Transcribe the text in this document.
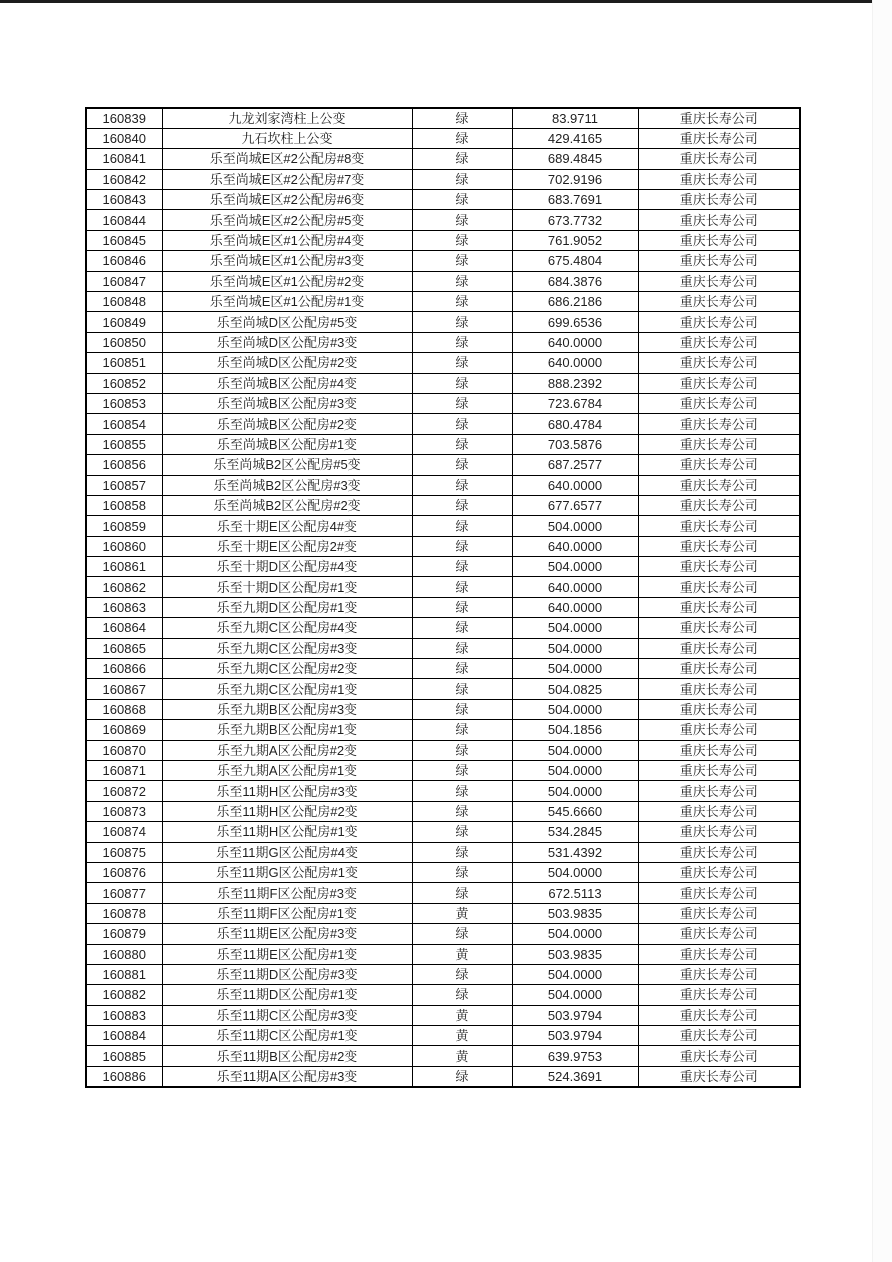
160839	九龙刘家湾柱上公变	绿	83.9711	重庆长寿公司
160840	九石坎柱上公变	绿	429.4165	重庆长寿公司
160841	乐至尚城E区#2公配房#8变	绿	689.4845	重庆长寿公司
160842	乐至尚城E区#2公配房#7变	绿	702.9196	重庆长寿公司
160843	乐至尚城E区#2公配房#6变	绿	683.7691	重庆长寿公司
160844	乐至尚城E区#2公配房#5变	绿	673.7732	重庆长寿公司
160845	乐至尚城E区#1公配房#4变	绿	761.9052	重庆长寿公司
160846	乐至尚城E区#1公配房#3变	绿	675.4804	重庆长寿公司
160847	乐至尚城E区#1公配房#2变	绿	684.3876	重庆长寿公司
160848	乐至尚城E区#1公配房#1变	绿	686.2186	重庆长寿公司
160849	乐至尚城D区公配房#5变	绿	699.6536	重庆长寿公司
160850	乐至尚城D区公配房#3变	绿	640.0000	重庆长寿公司
160851	乐至尚城D区公配房#2变	绿	640.0000	重庆长寿公司
160852	乐至尚城B区公配房#4变	绿	888.2392	重庆长寿公司
160853	乐至尚城B区公配房#3变	绿	723.6784	重庆长寿公司
160854	乐至尚城B区公配房#2变	绿	680.4784	重庆长寿公司
160855	乐至尚城B区公配房#1变	绿	703.5876	重庆长寿公司
160856	乐至尚城B2区公配房#5变	绿	687.2577	重庆长寿公司
160857	乐至尚城B2区公配房#3变	绿	640.0000	重庆长寿公司
160858	乐至尚城B2区公配房#2变	绿	677.6577	重庆长寿公司
160859	乐至十期E区公配房4#变	绿	504.0000	重庆长寿公司
160860	乐至十期E区公配房2#变	绿	640.0000	重庆长寿公司
160861	乐至十期D区公配房#4变	绿	504.0000	重庆长寿公司
160862	乐至十期D区公配房#1变	绿	640.0000	重庆长寿公司
160863	乐至九期D区公配房#1变	绿	640.0000	重庆长寿公司
160864	乐至九期C区公配房#4变	绿	504.0000	重庆长寿公司
160865	乐至九期C区公配房#3变	绿	504.0000	重庆长寿公司
160866	乐至九期C区公配房#2变	绿	504.0000	重庆长寿公司
160867	乐至九期C区公配房#1变	绿	504.0825	重庆长寿公司
160868	乐至九期B区公配房#3变	绿	504.0000	重庆长寿公司
160869	乐至九期B区公配房#1变	绿	504.1856	重庆长寿公司
160870	乐至九期A区公配房#2变	绿	504.0000	重庆长寿公司
160871	乐至九期A区公配房#1变	绿	504.0000	重庆长寿公司
160872	乐至11期H区公配房#3变	绿	504.0000	重庆长寿公司
160873	乐至11期H区公配房#2变	绿	545.6660	重庆长寿公司
160874	乐至11期H区公配房#1变	绿	534.2845	重庆长寿公司
160875	乐至11期G区公配房#4变	绿	531.4392	重庆长寿公司
160876	乐至11期G区公配房#1变	绿	504.0000	重庆长寿公司
160877	乐至11期F区公配房#3变	绿	672.5113	重庆长寿公司
160878	乐至11期F区公配房#1变	黄	503.9835	重庆长寿公司
160879	乐至11期E区公配房#3变	绿	504.0000	重庆长寿公司
160880	乐至11期E区公配房#1变	黄	503.9835	重庆长寿公司
160881	乐至11期D区公配房#3变	绿	504.0000	重庆长寿公司
160882	乐至11期D区公配房#1变	绿	504.0000	重庆长寿公司
160883	乐至11期C区公配房#3变	黄	503.9794	重庆长寿公司
160884	乐至11期C区公配房#1变	黄	503.9794	重庆长寿公司
160885	乐至11期B区公配房#2变	黄	639.9753	重庆长寿公司
160886	乐至11期A区公配房#3变	绿	524.3691	重庆长寿公司
